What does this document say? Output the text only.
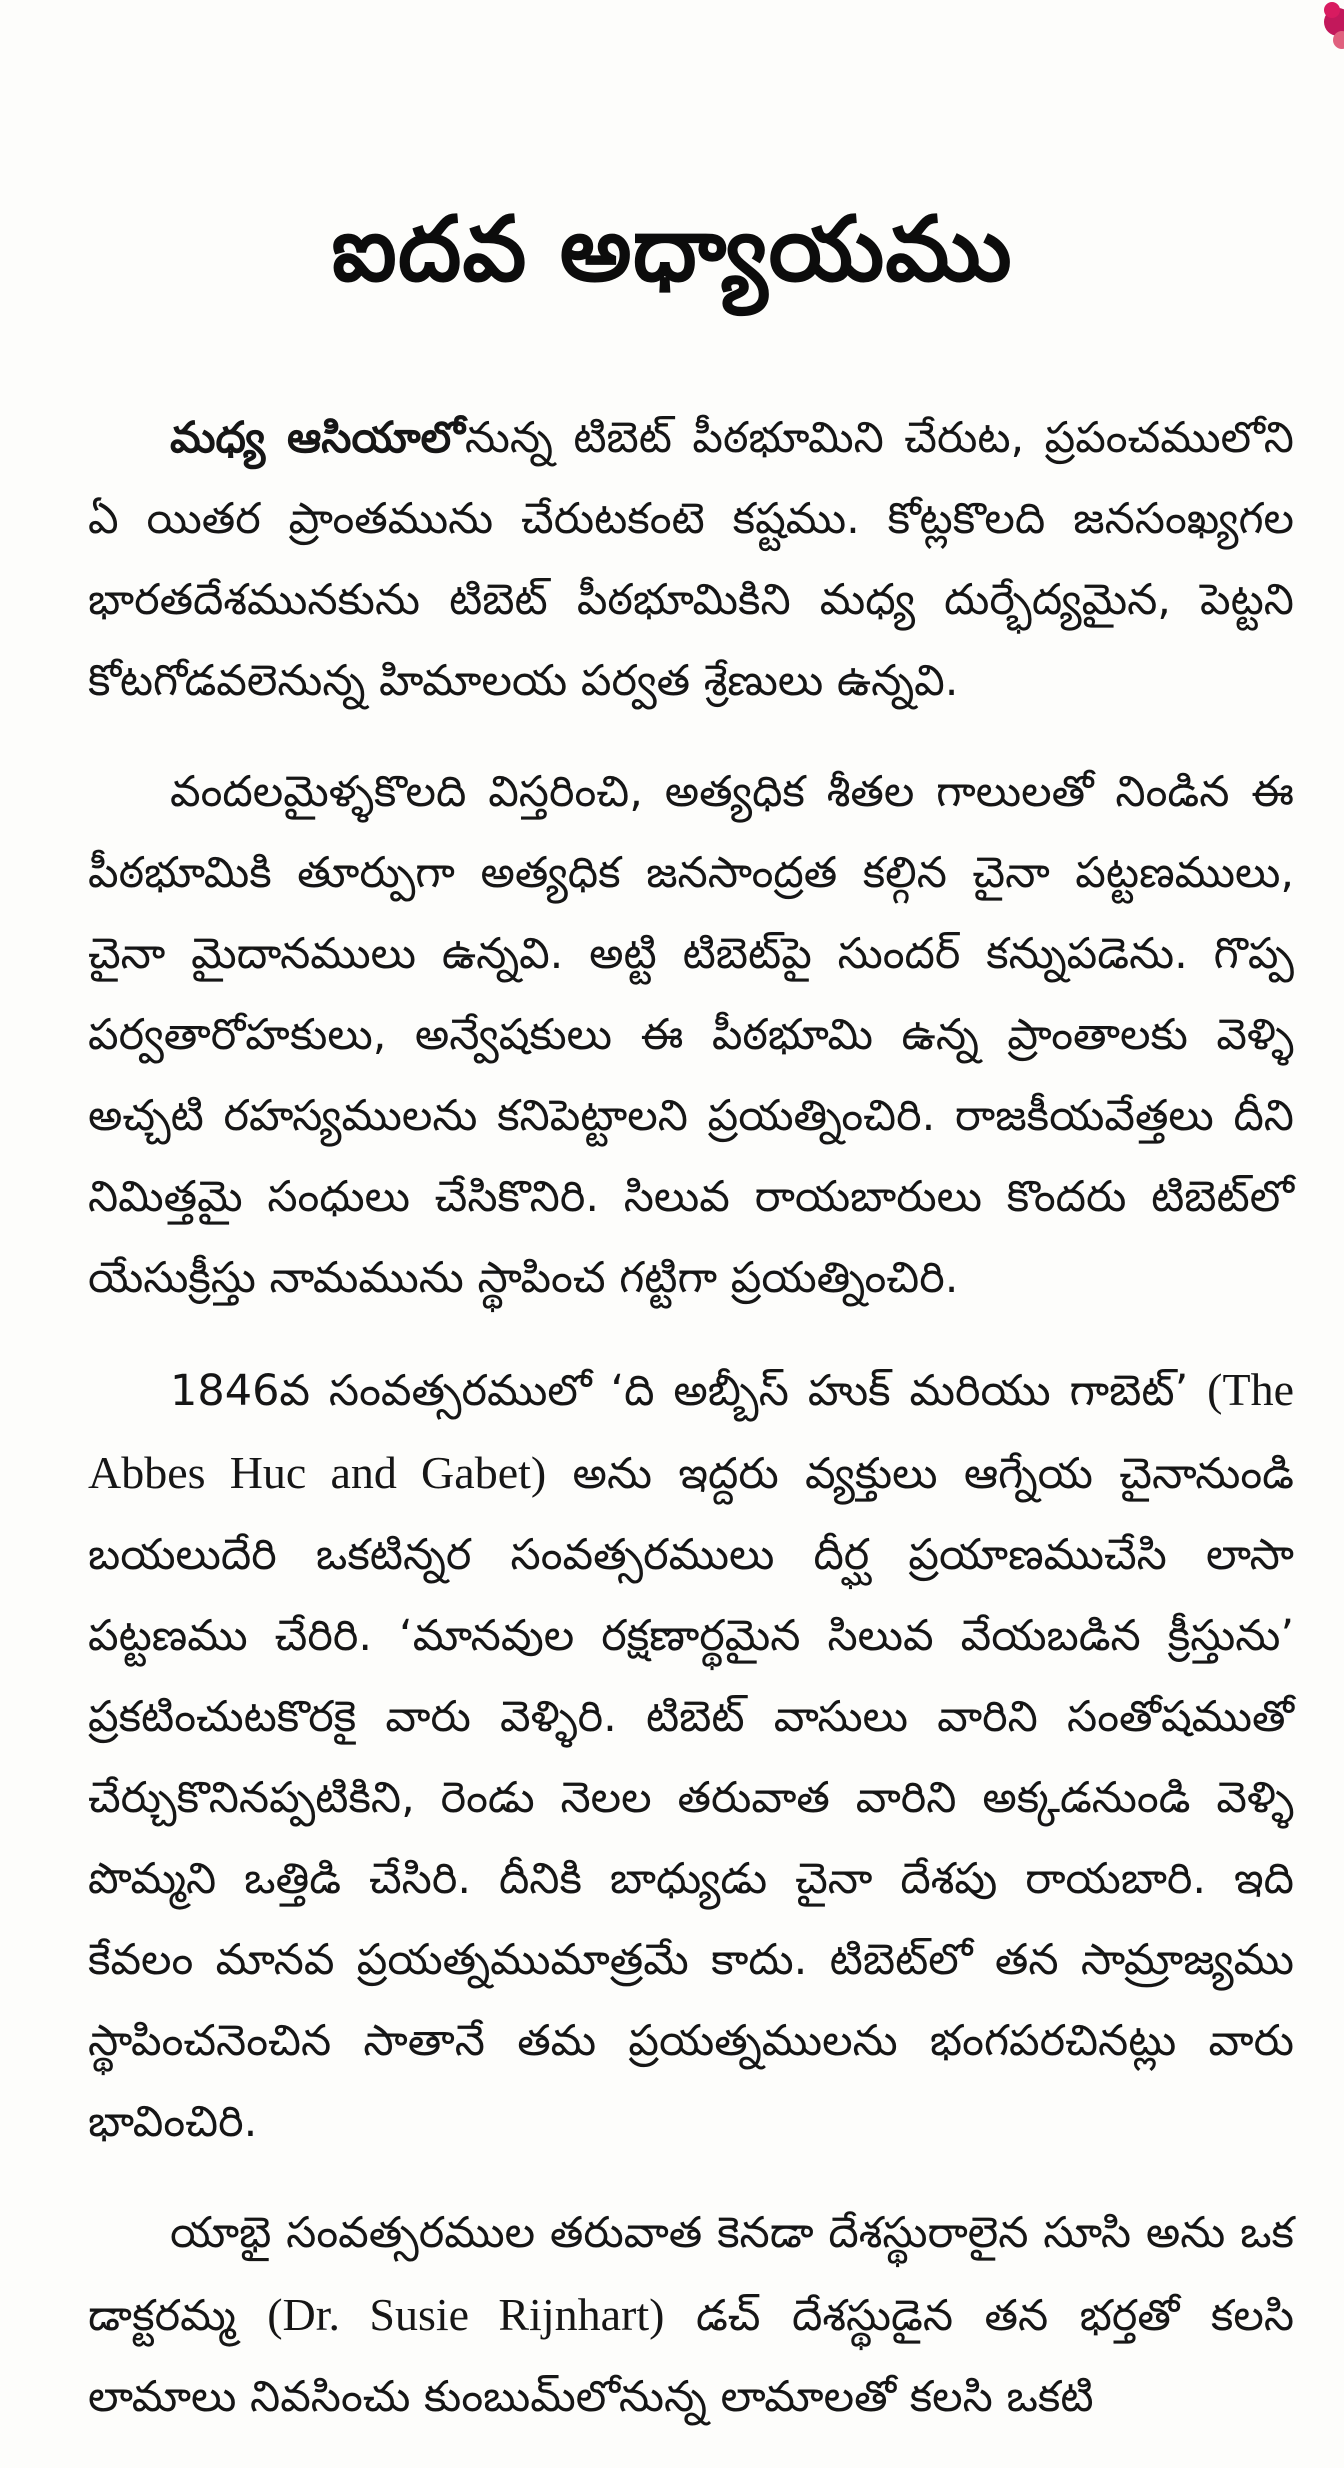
ఐదవ అధ్యాయము

మధ్య ఆసియాలోనున్న టిబెట్ పీఠభూమిని చేరుట, ప్రపంచములోని ఏ యితర ప్రాంతమును చేరుటకంటె కష్టము. కోట్లకొలది జనసంఖ్యగల భారతదేశమునకును టిబెట్ పీఠభూమికిని మధ్య దుర్భేద్యమైన, పెట్టని కోటగోడవలెనున్న హిమాలయ పర్వత శ్రేణులు ఉన్నవి.

వందలమైళ్ళకొలది విస్తరించి, అత్యధిక శీతల గాలులతో నిండిన ఈ పీఠభూమికి తూర్పుగా అత్యధిక జనసాంద్రత కల్గిన చైనా పట్టణములు, చైనా మైదానములు ఉన్నవి. అట్టి టిబెట్‌పై సుందర్ కన్నుపడెను. గొప్ప పర్వతారోహకులు, అన్వేషకులు ఈ పీఠభూమి ఉన్న ప్రాంతాలకు వెళ్ళి అచ్చటి రహస్యములను కనిపెట్టాలని ప్రయత్నించిరి. రాజకీయవేత్తలు దీని నిమిత్తమై సంధులు చేసికొనిరి. సిలువ రాయబారులు కొందరు టిబెట్‌లో యేసుక్రీస్తు నామమును స్థాపించ గట్టిగా ప్రయత్నించిరి.

1846వ సంవత్సరములో ‘ది అబ్బీస్ హుక్ మరియు గాబెట్’ (The Abbes Huc and Gabet) అను ఇద్దరు వ్యక్తులు ఆగ్నేయ చైనానుండి బయలుదేరి ఒకటిన్నర సంవత్సరములు దీర్ఘ ప్రయాణముచేసి లాసా పట్టణము చేరిరి. ‘మానవుల రక్షణార్థమైన సిలువ వేయబడిన క్రీస్తును’ ప్రకటించుటకొరకై వారు వెళ్ళిరి. టిబెట్ వాసులు వారిని సంతోషముతో చేర్చుకొనినప్పటికిని, రెండు నెలల తరువాత వారిని అక్కడనుండి వెళ్ళి పొమ్మని ఒత్తిడి చేసిరి. దీనికి బాధ్యుడు చైనా దేశపు రాయబారి. ఇది కేవలం మానవ ప్రయత్నముమాత్రమే కాదు. టిబెట్‌లో తన సామ్రాజ్యము స్థాపించనెంచిన సాతానే తమ ప్రయత్నములను భంగపరచినట్లు వారు భావించిరి.

యాభై సంవత్సరముల తరువాత కెనడా దేశస్థురాలైన సూసి అను ఒక డాక్టరమ్మ (Dr. Susie Rijnhart) డచ్ దేశస్థుడైన తన భర్తతో కలసి లామాలు నివసించు కుంబుమ్‌లోనున్న లామాలతో కలసి ఒకటి
